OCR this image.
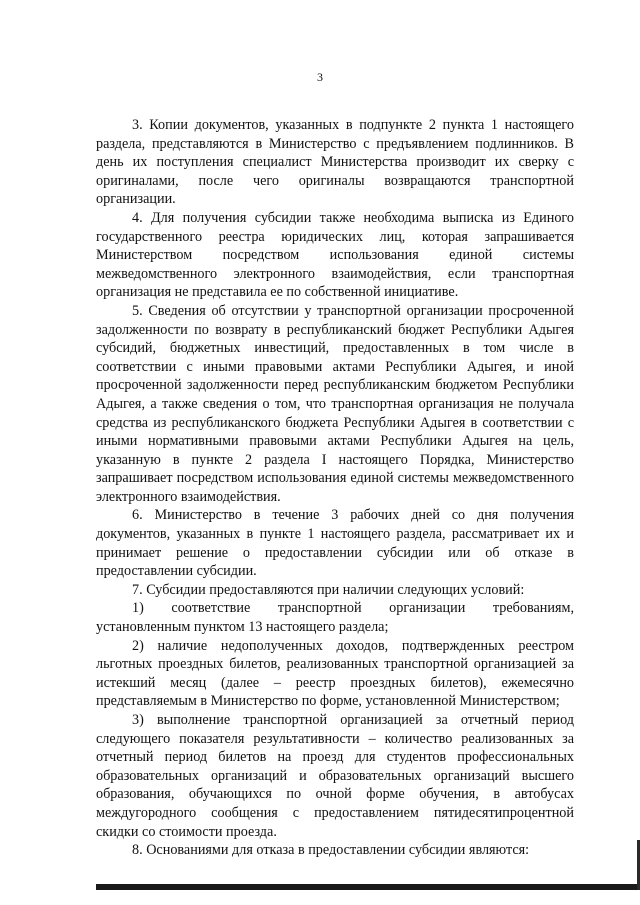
3

3. Копии документов, указанных в подпункте 2 пункта 1 настоящего раздела, представляются в Министерство с предъявлением подлинников. В день их поступления специалист Министерства производит их сверку с оригиналами, после чего оригиналы возвращаются транспортной организации.

4. Для получения субсидии также необходима выписка из Единого государственного реестра юридических лиц, которая запрашивается Министерством посредством использования единой системы межведомственного электронного взаимодействия, если транспортная организация не представила ее по собственной инициативе.

5. Сведения об отсутствии у транспортной организации просроченной задолженности по возврату в республиканский бюджет Республики Адыгея субсидий, бюджетных инвестиций, предоставленных в том числе в соответствии с иными правовыми актами Республики Адыгея, и иной просроченной задолженности перед республиканским бюджетом Республики Адыгея, а также сведения о том, что транспортная организация не получала средства из республиканского бюджета Республики Адыгея в соответствии с иными нормативными правовыми актами Республики Адыгея на цель, указанную в пункте 2 раздела I настоящего Порядка, Министерство запрашивает посредством использования единой системы межведомственного электронного взаимодействия.

6. Министерство в течение 3 рабочих дней со дня получения документов, указанных в пункте 1 настоящего раздела, рассматривает их и принимает решение о предоставлении субсидии или об отказе в предоставлении субсидии.

7. Субсидии предоставляются при наличии следующих условий:

1) соответствие транспортной организации требованиям, установленным пунктом 13 настоящего раздела;

2) наличие недополученных доходов, подтвержденных реестром льготных проездных билетов, реализованных транспортной организацией за истекший месяц (далее – реестр проездных билетов), ежемесячно представляемым в Министерство по форме, установленной Министерством;

3) выполнение транспортной организацией за отчетный период следующего показателя результативности – количество реализованных за отчетный период билетов на проезд для студентов профессиональных образовательных организаций и образовательных организаций высшего образования, обучающихся по очной форме обучения, в автобусах междугородного сообщения с предоставлением пятидесятипроцентной скидки со стоимости проезда.

8. Основаниями для отказа в предоставлении субсидии являются:
